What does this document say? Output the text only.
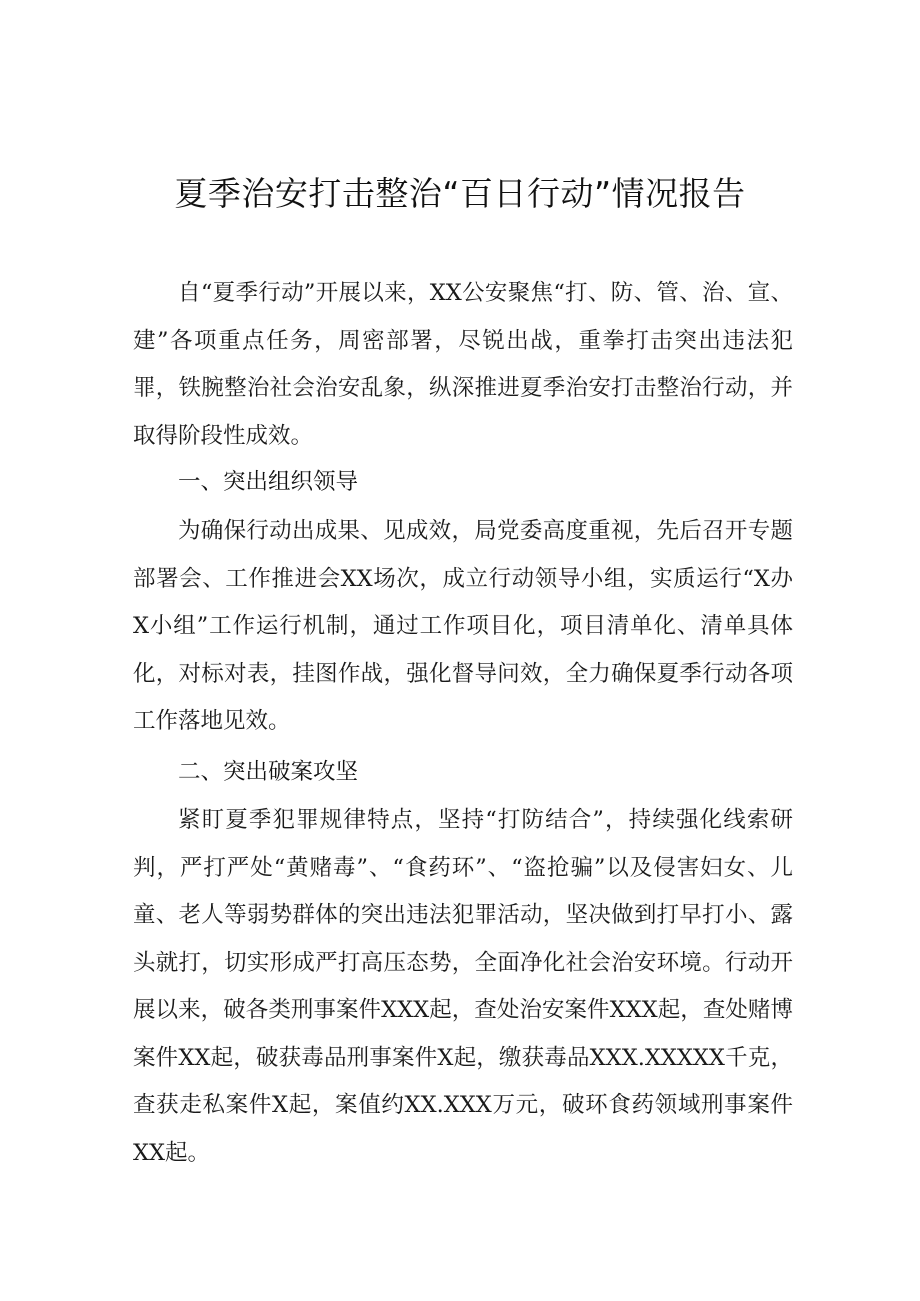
夏季治安打击整治“百日行动”情况报告

自“夏季行动”开展以来，XX公安聚焦“打、防、管、治、宣、建”各项重点任务，周密部署，尽锐出战，重拳打击突出违法犯罪，铁腕整治社会治安乱象，纵深推进夏季治安打击整治行动，并取得阶段性成效。

一、突出组织领导

为确保行动出成果、见成效，局党委高度重视，先后召开专题部署会、工作推进会XX场次，成立行动领导小组，实质运行“X办X小组”工作运行机制，通过工作项目化，项目清单化、清单具体化，对标对表，挂图作战，强化督导问效，全力确保夏季行动各项工作落地见效。

二、突出破案攻坚

紧盯夏季犯罪规律特点，坚持“打防结合”，持续强化线索研判，严打严处“黄赌毒”、“食药环”、“盗抢骗”以及侵害妇女、儿童、老人等弱势群体的突出违法犯罪活动，坚决做到打早打小、露头就打，切实形成严打高压态势，全面净化社会治安环境。行动开展以来，破各类刑事案件XXX起，查处治安案件XXX起，查处赌博案件XX起，破获毒品刑事案件X起，缴获毒品XXX.XXXXX千克，查获走私案件X起，案值约XX.XXX万元，破环食药领域刑事案件XX起。
